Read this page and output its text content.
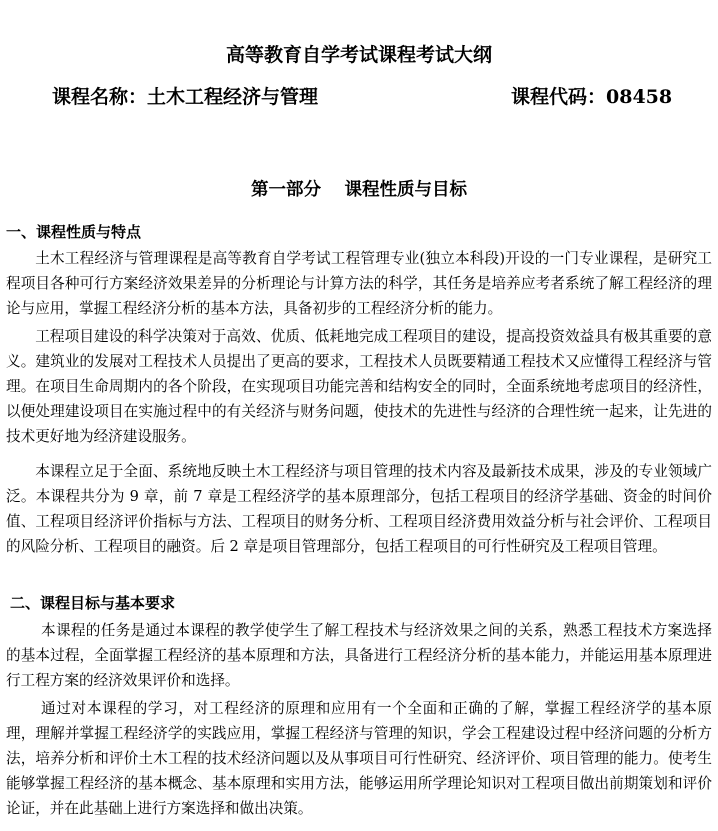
高等教育自学考试课程考试大纲
课程名称：土木工程经济与管理	课程代码：08458
第一部分　 课程性质与目标
一、课程性质与特点

土木工程经济与管理课程是高等教育自学考试工程管理专业(独立本科段)开设的一门专业课程，是研究工程项目各种可行方案经济效果差异的分析理论与计算方法的科学，其任务是培养应考者系统了解工程经济的理论与应用，掌握工程经济分析的基本方法，具备初步的工程经济分析的能力。

工程项目建设的科学决策对于高效、优质、低耗地完成工程项目的建设，提高投资效益具有极其重要的意义。建筑业的发展对工程技术人员提出了更高的要求，工程技术人员既要精通工程技术又应懂得工程经济与管理。在项目生命周期内的各个阶段，在实现项目功能完善和结构安全的同时，全面系统地考虑项目的经济性，以便处理建设项目在实施过程中的有关经济与财务问题，使技术的先进性与经济的合理性统一起来，让先进的技术更好地为经济建设服务。

本课程立足于全面、系统地反映土木工程经济与项目管理的技术内容及最新技术成果，涉及的专业领域广泛。本课程共分为 9 章，前 7 章是工程经济学的基本原理部分，包括工程项目的经济学基础、资金的时间价值、工程项目经济评价指标与方法、工程项目的财务分析、工程项目经济费用效益分析与社会评价、工程项目的风险分析、工程项目的融资。后 2 章是项目管理部分，包括工程项目的可行性研究及工程项目管理。

二、课程目标与基本要求

本课程的任务是通过本课程的教学使学生了解工程技术与经济效果之间的关系，熟悉工程技术方案选择的基本过程，全面掌握工程经济的基本原理和方法，具备进行工程经济分析的基本能力，并能运用基本原理进行工程方案的经济效果评价和选择。

通过对本课程的学习，对工程经济的原理和应用有一个全面和正确的了解，掌握工程经济学的基本原理，理解并掌握工程经济学的实践应用，掌握工程经济与管理的知识，学会工程建设过程中经济问题的分析方法，培养分析和评价土木工程的技术经济问题以及从事项目可行性研究、经济评价、项目管理的能力。使考生能够掌握工程经济的基本概念、基本原理和实用方法，能够运用所学理论知识对工程项目做出前期策划和评价论证，并在此基础上进行方案选择和做出决策。
